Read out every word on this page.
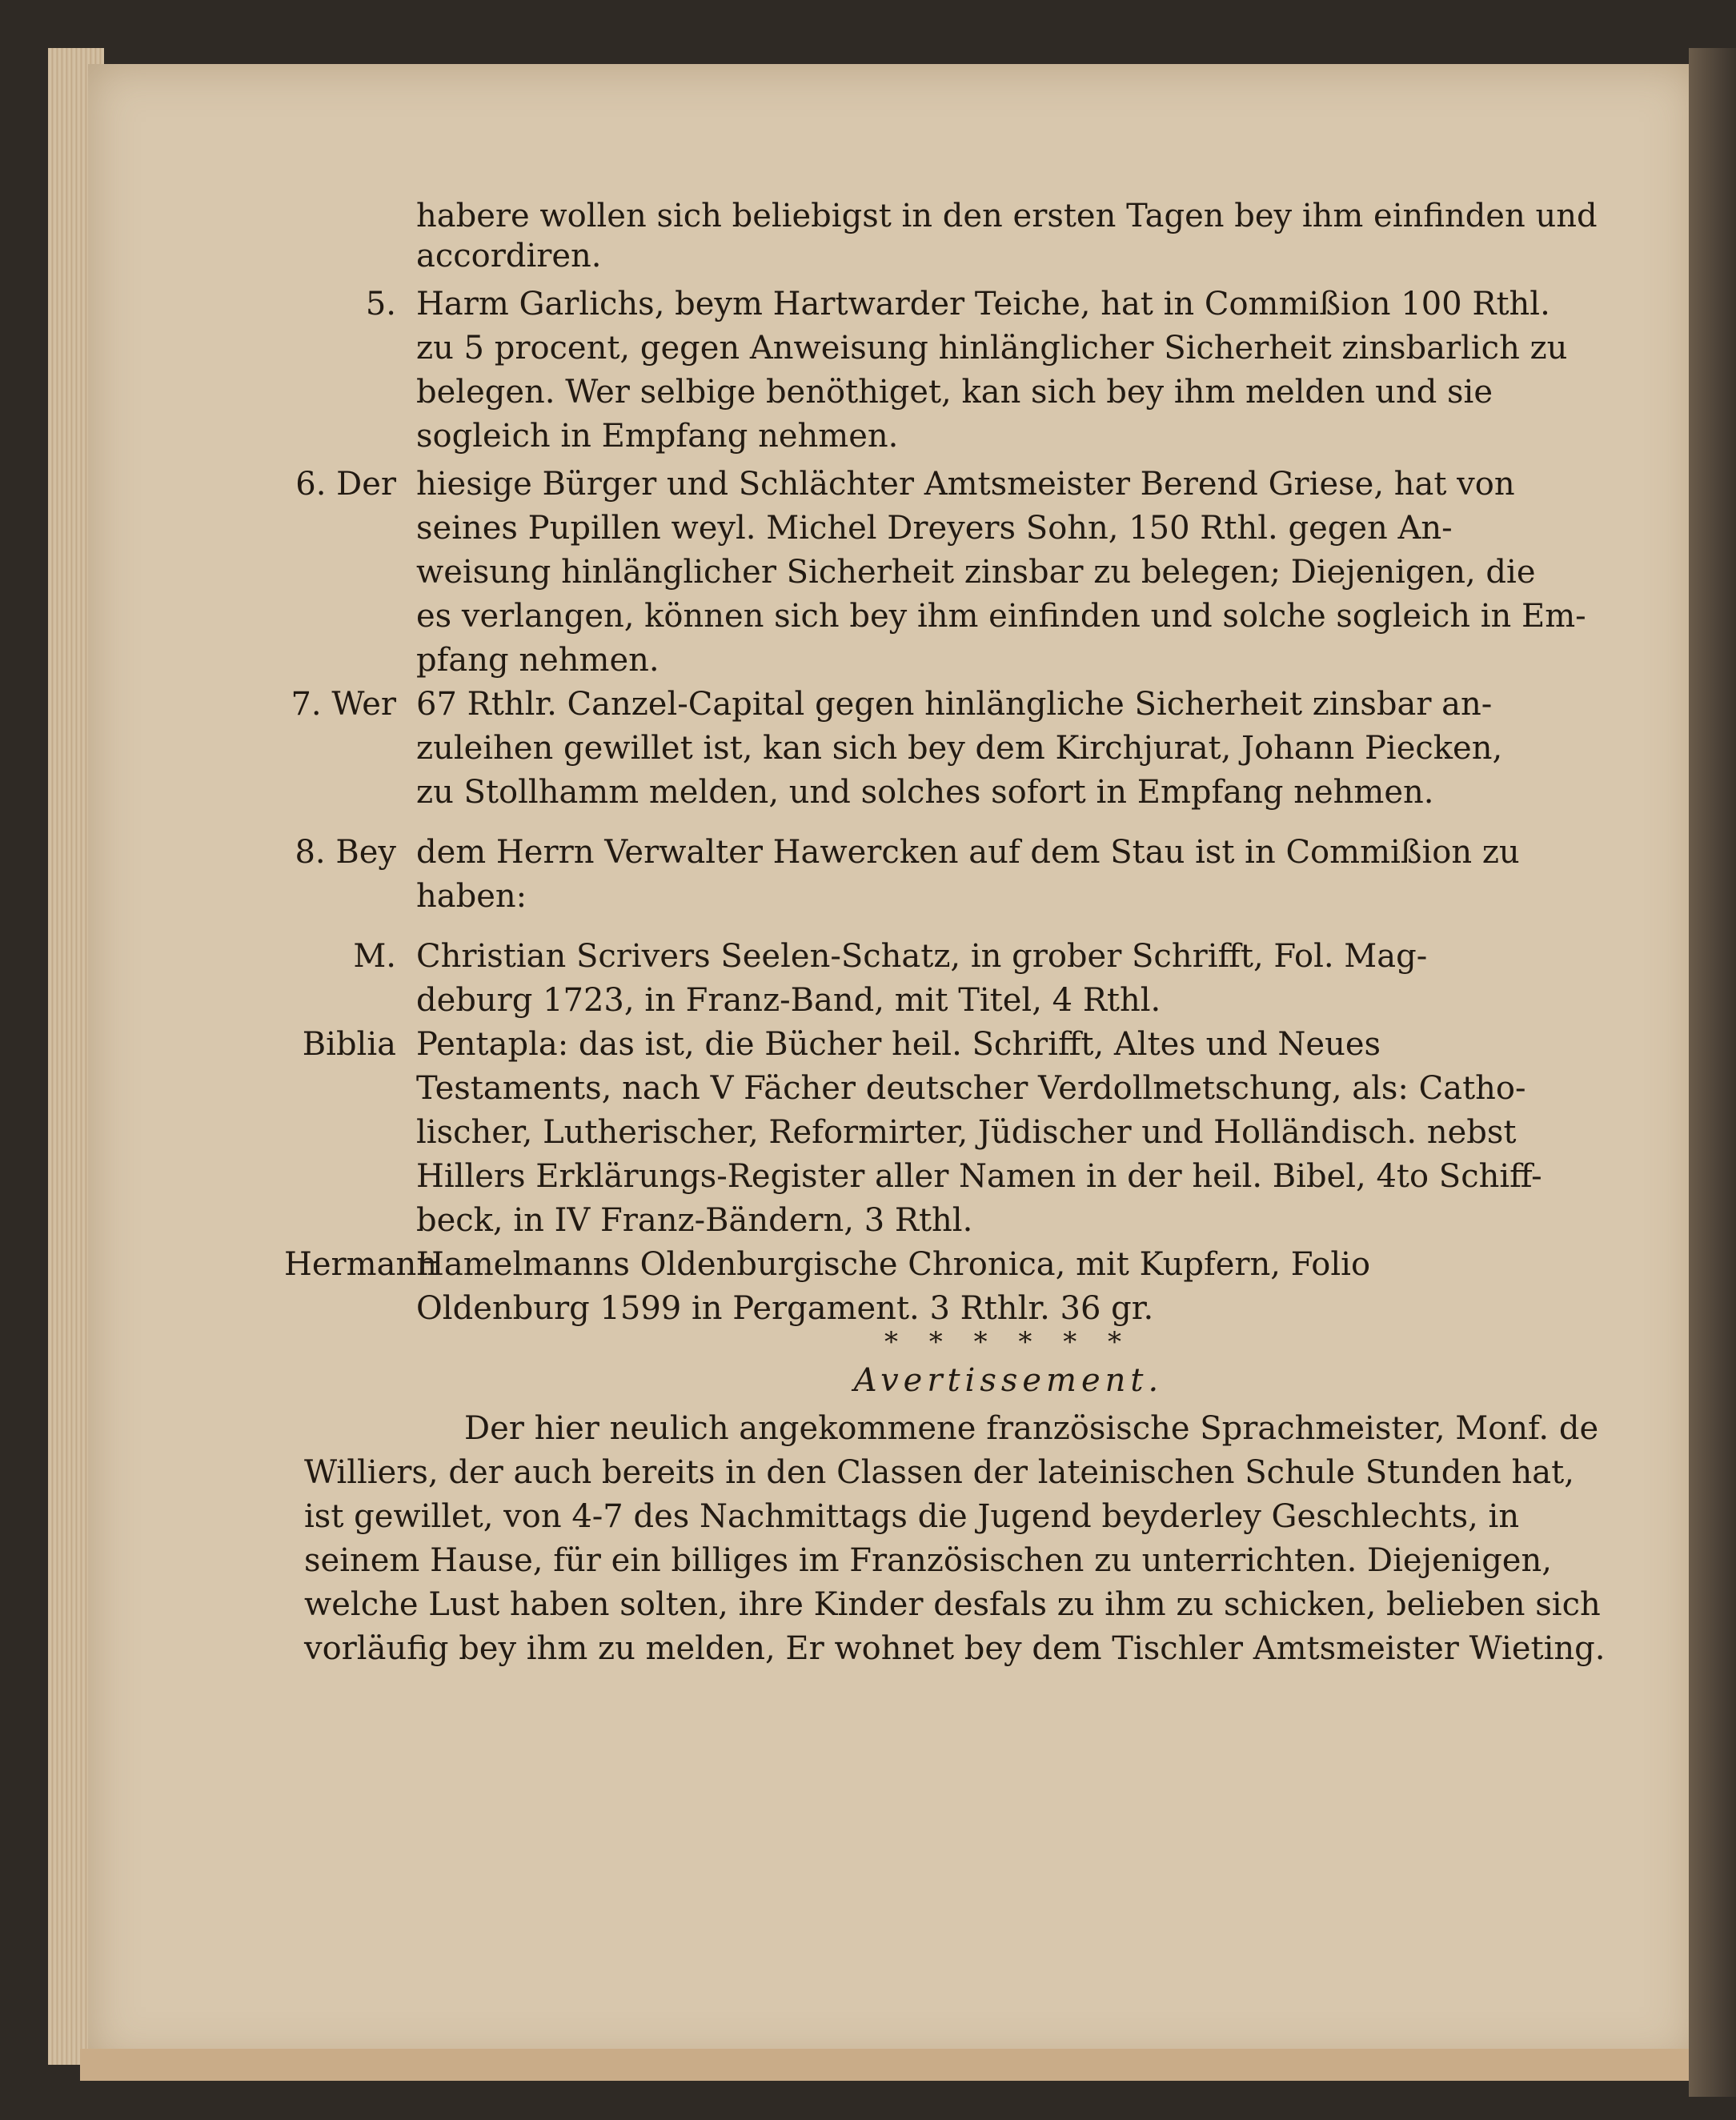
habere wollen sich beliebigst in den ersten Tagen bey ihm einfinden und
accordiren.
5. Harm Garlichs, beym Hartwarder Teiche, hat in Commißion 100 Rthl.
zu 5 procent, gegen Anweisung hinlänglicher Sicherheit zinsbarlich zu
belegen. Wer selbige benöthiget, kan sich bey ihm melden und sie
sogleich in Empfang nehmen.
6. Der hiesige Bürger und Schlächter Amtsmeister Berend Griese, hat von
seines Pupillen weyl. Michel Dreyers Sohn, 150 Rthl. gegen An-
weisung hinlänglicher Sicherheit zinsbar zu belegen; Diejenigen, die
es verlangen, können sich bey ihm einfinden und solche sogleich in Em-
pfang nehmen.
7. Wer 67 Rthlr. Canzel-Capital gegen hinlängliche Sicherheit zinsbar an-
zuleihen gewillet ist, kan sich bey dem Kirchjurat, Johann Piecken,
zu Stollhamm melden, und solches sofort in Empfang nehmen.
8. Bey dem Herrn Verwalter Hawercken auf dem Stau ist in Commißion zu
haben:
M. Christian Scrivers Seelen-Schatz, in grober Schrifft, Fol. Mag-
deburg 1723, in Franz-Band, mit Titel, 4 Rthl.
Biblia Pentapla: das ist, die Bücher heil. Schrifft, Altes und Neues
Testaments, nach V Fächer deutscher Verdollmetschung, als: Catho-
lischer, Lutherischer, Reformirter, Jüdischer und Holländisch. nebst
Hillers Erklärungs-Register aller Namen in der heil. Bibel, 4to Schiff-
beck, in IV Franz-Bändern, 3 Rthl.
Hermann
Hamelmanns Oldenburgische Chronica, mit Kupfern, Folio
Oldenburg 1599 in Pergament. 3 Rthlr. 36 gr.
* * * * * *
Avertissement.
Der hier neulich angekommene französische Sprachmeister, Monf. de
Williers, der auch bereits in den Classen der lateinischen Schule Stunden hat,
ist gewillet, von 4-7 des Nachmittags die Jugend beyderley Geschlechts, in
seinem Hause, für ein billiges im Französischen zu unterrichten. Diejenigen,
welche Lust haben solten, ihre Kinder desfals zu ihm zu schicken, belieben sich
vorläufig bey ihm zu melden, Er wohnet bey dem Tischler Amtsmeister Wieting.
